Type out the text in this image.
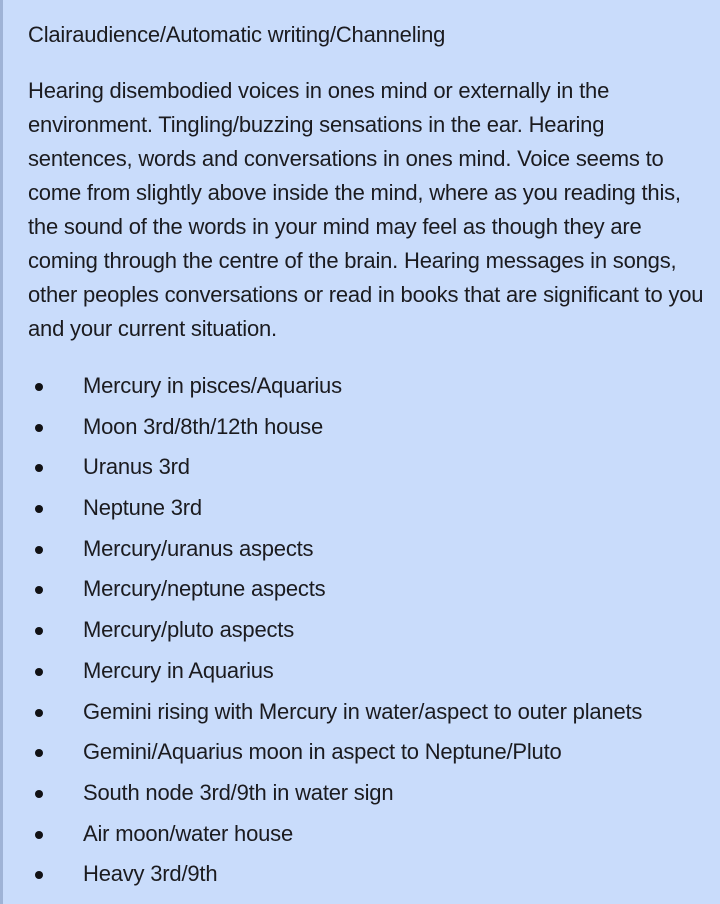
Clairaudience/Automatic writing/Channeling

Hearing disembodied voices in ones mind or externally in the environment. Tingling/buzzing sensations in the ear. Hearing sentences, words and conversations in ones mind. Voice seems to come from slightly above inside the mind, where as you reading this, the sound of the words in your mind may feel as though they are coming through the centre of the brain. Hearing messages in songs, other peoples conversations or read in books that are significant to you and your current situation.

Mercury in pisces/Aquarius
Moon 3rd/8th/12th house
Uranus 3rd
Neptune 3rd
Mercury/uranus aspects
Mercury/neptune aspects
Mercury/pluto aspects
Mercury in Aquarius
Gemini rising with Mercury in water/aspect to outer planets
Gemini/Aquarius moon in aspect to Neptune/Pluto
South node 3rd/9th in water sign
Air moon/water house
Heavy 3rd/9th
